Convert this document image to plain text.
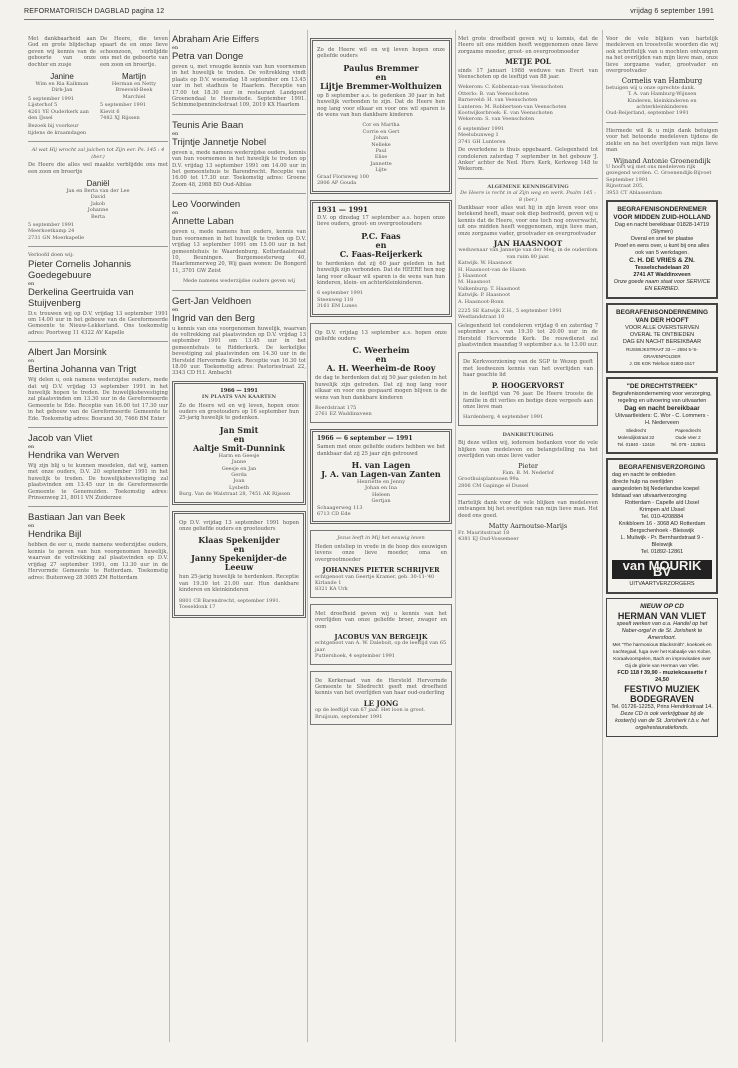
REFORMATORISCH DAGBLAD pagina 12	vrijdag 6 september 1991
Met dankbaarheid aan God en grote blijdschap geven wij kennis van de geboorte van onze dochter en zusje
Janine
Wim en Ria Kalkman
Dirk-Jan
5 september 1991
Lijsterhof 5
4261 YE Ouderkerk aan den IJssel
Bezoek bij voorkeur tijdens de kraamdagen
De Heere, die teven spaart de en onze lieve schoonzoon, verblijdde ons met de geboorte van een zoon en broertje.
Martijn
Herman en Netty Breeveld-Beek
Marchiel
5 september 1991
Kievit 6
7482 XJ Rijssen
Al wat Hij wrocht zal juichen tot Zijn eer. Ps. 145 : 4 (ber.)
De Heere die alles wel maakte verblijdde ons met een zoon en broertje
Daniël
Jan en Berta van der Lee
David
Jakob
Johanne
Berta
5 september 1991
Meerkoetkamp 24
2731 GN Moerkapelle
Verloofd doen wij:
Pieter Cornelis Johannis Goedegebuure
en
Derkelina Geertruida van Stuijvenberg
D.v. trouwen wij op D.V. vrijdag 13 september 1991 om 14.00 uur in het gebouw van de Gereformeerde Gemeente te Nieuw-Lekkerland. Ons toekomstig adres: Poortweg 11 4322 AV Kapelle
Albert Jan Morsink
en
Bertina Johanna van Trigt
Wij delen u, ook namens wederzijdse ouders, mede dat wij D.V. vrijdag 13 september 1991 in het huwelijk hopen te treden. De huwelijksbevestiging zal plaatsvinden om 13.30 uur in de Gereformeerde Gemeente te Ede. Receptie van 16.00 tot 17.30 uur in het gebouw van de Gereformeerde Gemeente te Ede. Toekomstig adres: Bosrand 30, 7466 BM Enter
Jacob van Vliet
en
Hendrika van Werven
Wij zijn blij u te kunnen meedelen, dat wij, samen met onze ouders, D.V. 20 september 1991 in het huwelijk te treden. De huwelijksbevestiging zal plaatsvinden om 13.45 uur in de Gereformeerde Gemeente te Genemuiden. Toekomstig adres: Prinsenweg 21, 8011 VN Zuiderzee
Bastiaan Jan van Beek
en
Hendrika Bijl
hebben de eer u, mede namens wederzijdse ouders, kennis te geven van hun voorgenomen huwelijk, waarvan de voltrekking zal plaatsvinden op D.V. vrijdag 27 september 1991, om 13.30 uur in de Hervormde Gemeente te Rotterdam. Toekomstig adres: Buitenweg 28 3085 ZM Rotterdam
Abraham Arie Eiffers
en
Petra van Donge
geven u, met vreugde kennis van hun voornemen in het huwelijk te treden. De voltrekking vindt plaats op D.V. woensdag 18 september om 13.45 uur in het stadhuis te Haarlem. Receptie van 17.00 tot 18.30 uur in restaurant Landgoed Groenendaal te Heemstede. September 1991. Schimmelpenninckstraat 109, 2019 KX Haarlem
Teunis Arie Baan
en
Trijntje Jannetje Nobel
geven u, mede namens wederzijdse ouders, kennis van hun voornemen in het huwelijk te treden op D.V. vrijdag 13 september 1991 om 14.00 uur in het gemeentehuis te Barendrecht. Receptie van 16.00 tot 17.30 uur. Toekomstig adres: Groene Zoom 48, 2988 BD Oud-Alblas
Leo Voorwinden
en
Annette Laban
geven u, mede namens hun ouders, kennis van hun voornemen in het huwelijk te treden op D.V. vrijdag 13 september 1991 om 15.00 uur in het gemeentehuis te Waardenburg. Kotterdaalstraat 10, Beuningen. Burgemeesterweg 40, Haarlemmerweg 20, Wij gaan wonen: De Bongerd 11, 3701 GW Zeist
Mede namens wederzijdse ouders geven wij
Gert-Jan Veldhoen
en
Ingrid van den Berg
u kennis van ons voorgenomen huwelijk, waarvan de voltrekking zal plaatsvinden op D.V. vrijdag 13 september 1991 om 13.45 uur in het gemeentehuis te Ridderkerk. De kerkelijke bevestiging zal plaatsvinden om 14.30 uur in de Hersteld Hervormde Kerk. Receptie van 16.30 tot 18.00 uur. Toekomstig adres: Pastoriestraat 22, 3343 CD H.I. Ambacht
1966 — 1991
IN PLAATS VAN KAARTEN
Zo de Heere wil en wij leven, hopen onze ouders en grootouders op 16 september hun 25-jarig huwelijk te gedenken.
Jan Smit
en
Aaltje Smit-Dunnink
Harm en Geesje
Janne
Geesje en Jan
Gerda
Joan
Lysbeth
Burg. Van de Walstraat 28, 7451 AK Rijssen
Op D.V. vrijdag 13 september 1991 hopen onze geliefde ouders en grootouders
Klaas Spekenijder
en
Janny Spekenijder-de Leeuw
hun 25-jarig huwelijk te herdenken. Receptie van 19.30 tot 21.00 uur. Hun dankbare kinderen en kleinkinderen
8801 CB Barendrecht, september 1991. Toeseldonk 17
Zo de Heere wil en wij leven hopen onze geliefde ouders
Paulus Bremmer
en
Lijtje Bremmer-Wolthuizen
op 8 september a.s. te gedenken 30 jaar in het huwelijk verbonden te zijn. Dat de Heere hen nog lang voor elkaar en voor ons wil sparen is de wens van hun dankbare kinderen
Cor en Martha
Corrie en Gert
Johan
Nelleke
Paul
Elise
Jannette
Lijte
Graaf Florisweg 100
2806 AP Gouda
1931 — 1991
D.V. op dinsdag 17 september a.s. hopen onze lieve ouders, groot- en overgrootouders
P.C. Faas
en
C. Faas-Reijerkerk
te herdenken dat zij 60 jaar geleden in het huwelijk zijn verbonden. Dat de HEERE hen nog lang voor elkaar wil sparen is de wens van hun kinderen, klein- en achterkleinkinderen.
6 september 1991
Steenweg 118
3161 EM Lunes
Op D.V. vrijdag 13 september a.s. hopen onze geliefde ouders
C. Weerheim
en
A. H. Weerheim-de Rooy
de dag te herdenken dat zij 50 jaar geleden in het huwelijk zijn getreden. Dat zij nog lang voor elkaar en voor ons gespaard mogen blijven is de wens van hun dankbare kinderen
Boerdstraat 175
2761 EZ Waddinxveen
1966 — 6 september — 1991
Samen met onze geliefde ouders hebben we het dankbaar dat zij 25 jaar zijn getrouwd
H. van Lagen
J. A. van Lagen-van Zanten
Henriëtte en Jenny
Johan en Ina
Heleen
Gertjan
Schaagerweg 113
6713 CD Ede
Jezus leeft in Mij het eeuwig leven
Heden ontsliep in vrede in de hoop des eeuwigen levens onze lieve moeder, oma en overgrootmoeder
JOHANNES PIETER SCHRIJVER
echtgenoot van Geertje Kramer, geb. 30-11-'40
Kirlande 1
8321 KA Urk
Met droefheid geven wij u kennis van het overlijden van onze geliefde broer, zwager en oom
JACOBUS VAN BERGEIJK
echtgenoot van A. W. Daleboit, op de leeftijd van 65 jaar.
Puttershoek, 4 september 1991
De Kerkeraad van de Hersteld Hervormde Gemeente te Sliedrecht geeft met droefheid kennis van het overlijden van haar oud-ouderling
LE JONG
op de leeftijd van 67 jaar. Het loon is groot.
Bruijsum, september 1991
Met grote droefheid geven wij u kennis, dat de Heere uit ons midden heeft weggenomen onze lieve zorgzame moeder, groot- en overgrootmoeder
METJE POL
sinds 17 januari 1988 weduwe van Evert van Veenschoten op de leeftijd van 88 jaar.
Wekerom: C. Kobbeman-van Veenschoten
Otterlo: B. van Veenschoten
Barneveld: H. van Veenschoten
Lunteren: M. Robbertsen-van Veenschoten
Kootwijkerbroek: E. van Veenschoten
Wekerom: S. van Veenschoten
6 september 1991
Meelubunweg 1
3741 GH Lunteren
De overledene is thuis opgebaard. Gelegenheid tot condoleren zaterdag 7 september in het gebouw 'J. Anker' achter de Ned. Herv. Kerk, Kerkweg 148 te Wekerom.
ALGEMENE KENNISGEVING
De Heere is recht in al Zijn weg en werk. Psalm 145 : 8 (ber.)
Dankbaar voor alles wat hij in zijn leven voor ons betekend heeft, maar ook diep bedroefd, geven wij u kennis dat de Heere, voor ons toch nog onverwacht, uit ons midden heeft weggenomen, mijn lieve man, onze zorgzame vader, grootvader en overgrootvader
JAN HAASNOOT
weduwnaar van Jannetje van der Meij, in de ouderdom van ruim 80 jaar.
Katwijk: W. Haasnoot
H. Haasnoot-van de Hazen
J. Haasnoot
M. Haasnoot
Valkenburg: T. Haasnoot
Katwijk: P. Haasnoot
A. Haasnoot-Bonn
2225 SE Katwijk Z.H., 5 september 1991
Westlandstraat 10
Gelegenheid tot condoleren vrijdag 6 en zaterdag 7 september a.s. van 19.30 tot 20.00 uur in de Hersteld Hervormde Kerk. De rouwdienst zal plaatsvinden maandag 9 september a.s. te 13.00 uur.
De Kerkvoorziening van de SGP te Wezep geeft met leedwezen kennis van het overlijden van haar geachte lid
P. HOOGERVORST
in de leeftijd van 76 jaar. De Heere trooste de familie in dit verlies en bedige deze vergeefs aan onze lieve man
Hardenberg, 4 september 1991
DANKBETUIGING
Bij deze willen wij, iedereen bedanken voor de vele blijken van medeleven en belangstelling na het overlijden van onze lieve vader
Pieter
Fam. B. M. Nederlof
Groothuisplantsoen 99a
2806 CM Gapinge el Dussel
Hartelijk dank voor de vele blijken van medeleven ontvangen bij het overlijden van mijn lieve man. Het deed ons goed.
Matty Aarnoutse-Marijs
Fr. Mauritsstraat 18
4381 EJ Oud-Vossemeer
Voor de vele blijken van hartelijk medeleven en troostvolle woorden die wij ook schriftelijk van u mochten ontvangen na het overlijden van mijn lieve man, onze lieve zorgzame vader, grootvader en overgrootvader
Cornelis van Hamburg
betuigen wij u onze oprechte dank.
T. A. van Hamburg-Wijnsen
Kinderen, kleinkinderen en achterkleinkinderen
Oud-Beijerland, september 1991
Hiermede wil ik u mijn dank betuigen voor het betoonde medeleven tijdens de ziekte en na het overlijden van mijn lieve man
Wijnand Antonie Groenendijk
U hoort wij met ons medeleven rijk gezegend worden. C. Groenendijk-Bijvoet
September 1991
Rijnstraat 205,
3953 CT Ablasserdam
BEGRAFENISONDERNEMER VOOR MIDDEN ZUID-HOLLAND
Dag en nacht bereikbaar 01828-14719 (Slymen)
Overal en snel ter plaatse
Proef en eens over, u kunt bij ons alles ook van 5 werkdagen.
C. H. DE VRIES & ZN.
Tesselschadelaan 20
2741 AT Waddinxveen
Onze goede naam staat voor SERVICE EN EERBIED.
BEGRAFENISONDERNEMING VAN DER HOOFT
VOOR ALLE OVERSTERVEN
OVERAL TE ONTBIEDEN
DAG EN NACHT BEREIKBAAR
RIJSWIJKSTRAAT 33 — 2594 5-'S-GRAVENPOLDER
J. DE KOK Telefoon 01803-1517
"DE DRECHTSTREEK"
Begrafenisonderneming voor verzorging, regeling en uitvoering van uitvaarten
Dag en nacht bereikbaar
Uitvaartleiders: C. Wor - C. Lommers - H. Nederveen
Sliedrecht
Molendijkstraat 22
Tel. 01840 - 12418
Papendrecht
Oude Veer 2
Tel. 078 - 152841
BEGRAFENISVERZORGING
dag en nacht te ontbieden
directe hulp na overlijden
aangesloten bij Nederlandse koepel
lidstaad van uitvaartverzorging
Rotterdam - Capelle a/d IJssel
Krimpen a/d IJssel
Tel. 010-4208884
Knikbloem 16 - 3068 AD Rotterdam
Bergschenhoek - Bleiswijk
L. Muilwijk - Pr. Bernhardstraat 9 - Bleiswijk
Tel. 01892-12861
van MOURIK BV
UITVAARTVERZORGERS
NIEUW OP CD
HERMAN VAN VLIET
speelt werken van o.a. Handel op het Naber-orgel in de St. Jorisherk te Amersfoort.
Met "The harmonious Blacksmith", koekoek en nachtegaal, fuga over het Kabaalje van Kober, Koraalvoorspelen, Bach en improvisaties over Gij de glorie van Herman van Vliet.
FCD 118 f 39,90 - muziekcassette f 24,50
FESTIVO MUZIEK BODEGRAVEN
Tel. 01726-12253, Prins Hendrikstraat 14.
Deze CD is ook verkrijgbaar bij de koster(s) van de St. Jorisherk t.b.v. het orgelrestauratiefonds.
